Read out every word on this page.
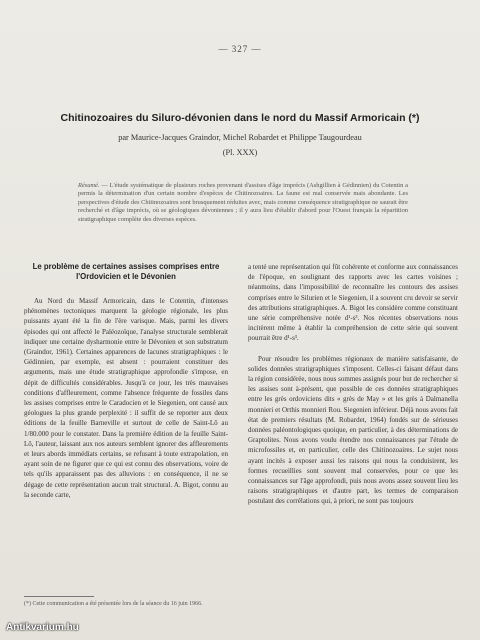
— 327 —
Chitinozoaires du Siluro-dévonien dans le nord du Massif Armoricain (*)
par Maurice-Jacques Graindor, Michel Robardet et Philippe Taugourdeau
(Pl. XXX)
Résumé. — L'étude systématique de plusieurs roches provenant d'assises d'âge imprécis (Ashgillien à Gédinnien) du Cotentin a permis la détermination d'un certain nombre d'espèces de Chitinozoaires. La faune est mal conservée mais abondante. Les perspectives d'étude des Chitinozoaires sont brusquement réduites avec, mais comme conséquence stratigraphique ne saurait être recherché et d'âge imprécis, où se géologiques dévoniennes ; il y aura lieu d'établir d'abord pour l'Ouest français la répartition stratigraphique complète des diverses espèces.
Le problème de certaines assises comprises entre l'Ordovicien et le Dévonien

Au Nord du Massif Armoricain, dans le Cotentin, d'intenses phénomènes tectoniques marquent la géologie régionale, les plus puissants ayant été la fin de l'ère varisque. Mais, parmi les divers épisodes qui ont affecté le Paléozoïque, l'analyse structurale semblerait indiquer une certaine dysharmonie entre le Dévonien et son substratum (Graindor, 1961). Certaines apparences de lacunes stratigraphiques : le Gédinnien, par exemple, est absent : pourraient constituer des arguments, mais une étude stratigraphique approfondie s'impose, en dépit de difficultés considérables. Jusqu'à ce jour, les très mauvaises conditions d'affleurement, comme l'absence fréquente de fossiles dans les assises comprises entre le Caradocien et le Siegenien, ont causé aux géologues la plus grande perplexité : il suffit de se reporter aux deux éditions de la feuille Barneville et surtout de celle de Saint-Lô au 1/80.000 pour le constater. Dans la première édition de la feuille Saint-Lô, l'auteur, laissant aux nos auteurs semblent ignorer des affleurements et leurs abords immédiats certains, se refusant à toute extrapolation, en ayant soin de ne figurer que ce qui est connu des observations, voire de tels qu'ils apparaissent pas des alluvions : en conséquence, il ne se dégage de cette représentation aucun trait structural. A. Bigot, connu au la seconde carte,

a tenté une représentation qui fût cohérente et conforme aux connaissances de l'époque, en soulignant des rapports avec les cartes voisines ; néanmoins, dans l'impossibilité de reconnaître les contours des assises comprises entre le Silurien et le Siegenien, il a souvent cru devoir se servir des attributions stratigraphiques. A. Bigot les considère comme constituant une série compréhensive notée d¹-s³. Nos récentes observations nous incitèrent même à établir la compréhension de cette série qui souvent pourrait être d¹-s³.

Pour résoudre les problèmes régionaux de manière satisfaisante, de solides données stratigraphiques s'imposent. Celles-ci faisant défaut dans la région considérée, nous nous sommes assignés pour but de rechercher si les assises sont à-présent, que possible de ces données stratigraphiques entre les grès ordoviciens dits « grès de May » et les grès à Dalmanella monnieri et Orthis monnieri Rou. Siegenien inférieur. Déjà nous avons fait état de premiers résultats (M. Robardet, 1964) fondés sur de sérieuses données paléontologiques quoique, en particulier, à des déterminations de Graptolites. Nous avons voulu étendre nos connaissances par l'étude de microfossiles et, en particulier, celle des Chitinozoaires. Le sujet nous ayant incités à exposer aussi les raisons qui nous la conduisirent, les formes recueillies sont souvent mal conservées, pour ce que les connaissances sur l'âge approfondi, puis nous avons assez souvent lieu les raisons stratigraphiques et d'autre part, les termes de comparaison postulant des corrélations qui, à priori, ne sont pas toujours

(*) Cette communication a été présentée lors de la séance du 16 juin 1966.
Antikvarium.hu
